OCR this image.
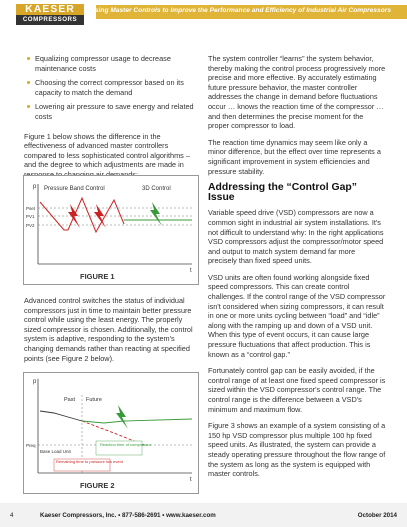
KAESER
COMPRESSORS
Using Master Controls to Improve the Performance and Efficiency of Industrial Air Compressors
Equalizing compressor usage to decrease maintenance costs
Choosing the correct compressor based on its capacity to match the demand
Lowering air pressure to save energy and related costs

Figure 1 below shows the difference in the effectiveness of advanced master controllers compared to less sophisticated control algorithms – and the degree to which adjustments are made in

p
t
Pressure Band Control	3D Control
Pset
PV1
PV2
FIGURE 1

Advanced control switches the status of individual compressors just in time to maintain better pressure control while using the least energy. The properly sized compressor is chosen. Additionally, the control system is adaptive, responding to the system's changing demands rather than reacting at specified points (see Figure 2 below).

p
t
Past Future
Preq
Base Load Unit
Reaction time of compressor
Remaining time to pressure low event
FIGURE 2

The system controller “learns” the system behavior, thereby making the control process progressively more precise and more effective. By accurately estimating future pressure behavior, the master controller addresses the change in demand before fluctuations occur … knows the reaction time of the compressor … and then determines the precise moment for the proper compressor to load.

The reaction time dynamics may seem like only a minor difference, but the effect over time represents a significant improvement in system efficiencies and pressure stability.

Addressing the “Control Gap” Issue

Variable speed drive (VSD) compressors are now a common sight in industrial air system installations. It's not difficult to understand why: In the right applications VSD compressors adjust the compressor/motor speed and output to match system demand far more precisely than fixed speed units.

VSD units are often found working alongside fixed speed compressors. This can create control challenges. If the control range of the VSD compressor isn't considered when sizing compressors, it can result in one or more units cycling between “load” and “idle” along with the ramping up and down of a VSD unit. When this type of event occurs, it can cause large pressure fluctuations that affect production. This is known as a “control gap.”

Fortunately control gap can be easily avoided, if the control range of at least one fixed speed compressor is sized within the VSD compressor's control range. The control range is the difference between a VSD's minimum and maximum flow.

Figure 3 shows an example of a system consisting of a 150 hp VSD compressor plus multiple 100 hp fixed speed units. As illustrated, the system can provide a steady operating pressure throughout the flow range of the system as long as the system is equipped with master controls.

4	Kaeser Compressors, Inc. • 877-586-2691 • www.kaeser.com	October 2014
